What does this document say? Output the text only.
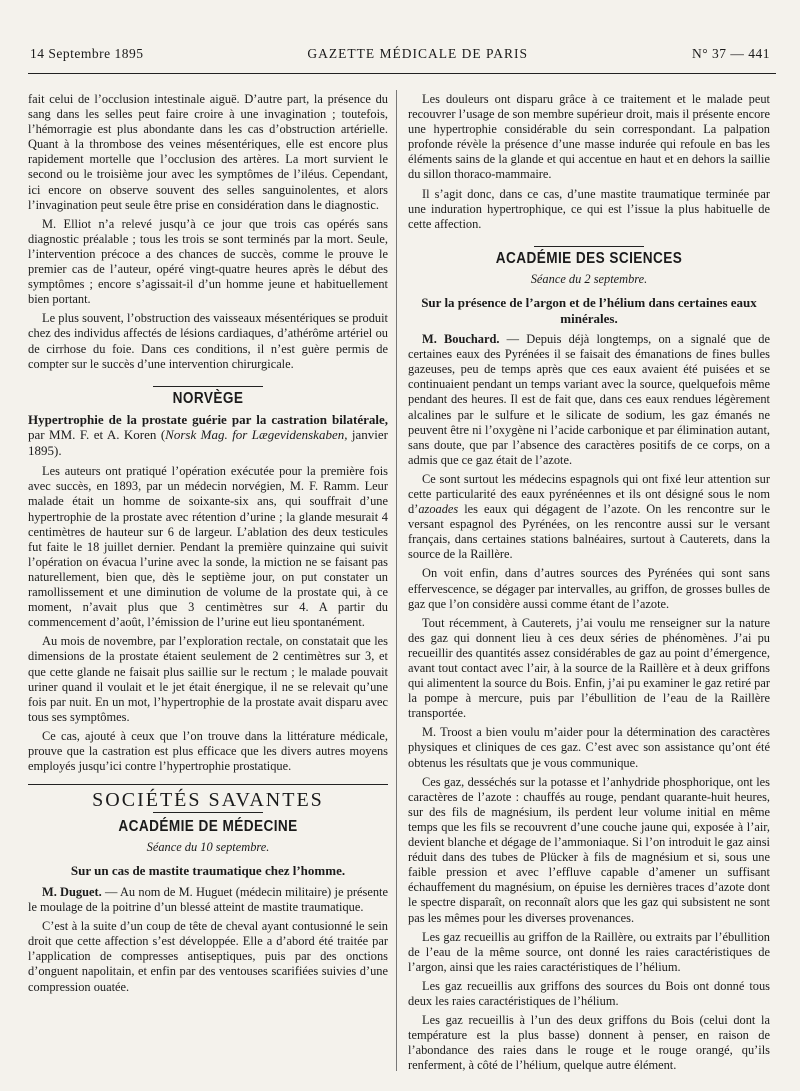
14 Septembre 1895	GAZETTE MÉDICALE DE PARIS	N° 37 — 441

fait celui de l’occlusion intestinale aiguë. D’autre part, la présence du sang dans les selles peut faire croire à une invagination ; toutefois, l’hémorragie est plus abondante dans les cas d’obstruction artérielle. Quant à la thrombose des veines mésentériques, elle est encore plus rapidement mortelle que l’occlusion des artères. La mort survient le second ou le troisième jour avec les symptômes de l’iléus. Cependant, ici encore on observe souvent des selles sanguinolentes, et alors l’invagination peut seule être prise en considération dans le diagnostic.

M. Elliot n’a relevé jusqu’à ce jour que trois cas opérés sans diagnostic préalable ; tous les trois se sont terminés par la mort. Seule, l’intervention précoce a des chances de succès, comme le prouve le premier cas de l’auteur, opéré vingt-quatre heures après le début des symptômes ; encore s’agissait-il d’un homme jeune et habituellement bien portant.

Le plus souvent, l’obstruction des vaisseaux mésentériques se produit chez des individus affectés de lésions cardiaques, d’athérôme artériel ou de cirrhose du foie. Dans ces conditions, il n’est guère permis de compter sur le succès d’une intervention chirurgicale.

NORVÈGE
Hypertrophie de la prostate guérie par la castration bilatérale, par MM. F. et A. Koren (Norsk Mag. for Lægevidenskaben, janvier 1895).

Les auteurs ont pratiqué l’opération exécutée pour la première fois avec succès, en 1893, par un médecin norvégien, M. F. Ramm. Leur malade était un homme de soixante-six ans, qui souffrait d’une hypertrophie de la prostate avec rétention d’urine ; la glande mesurait 4 centimètres de hauteur sur 6 de largeur. L’ablation des deux testicules fut faite le 18 juillet dernier. Pendant la première quinzaine qui suivit l’opération on évacua l’urine avec la sonde, la miction ne se faisant pas naturellement, bien que, dès le septième jour, on put constater un ramollissement et une diminution de volume de la prostate qui, à ce moment, n’avait plus que 3 centimètres sur 4. A partir du commencement d’août, l’émission de l’urine eut lieu spontanément.

Au mois de novembre, par l’exploration rectale, on constatait que les dimensions de la prostate étaient seulement de 2 centimètres sur 3, et que cette glande ne faisait plus saillie sur le rectum ; le malade pouvait uriner quand il voulait et le jet était énergique, il ne se relevait qu’une fois par nuit. En un mot, l’hypertrophie de la prostate avait disparu avec tous ses symptômes.

Ce cas, ajouté à ceux que l’on trouve dans la littérature médicale, prouve que la castration est plus efficace que les divers autres moyens employés jusqu’ici contre l’hypertrophie prostatique.

SOCIÉTÉS SAVANTES
ACADÉMIE DE MÉDECINE
Séance du 10 septembre.
Sur un cas de mastite traumatique chez l’homme.

M. Duguet. — Au nom de M. Huguet (médecin militaire) je présente le moulage de la poitrine d’un blessé atteint de mastite traumatique.

C’est à la suite d’un coup de tête de cheval ayant contusionné le sein droit que cette affection s’est développée. Elle a d’abord été traitée par l’application de compresses antiseptiques, puis par des onctions d’onguent napolitain, et enfin par des ventouses scarifiées suivies d’une compression ouatée.

Les douleurs ont disparu grâce à ce traitement et le malade peut recouvrer l’usage de son membre supérieur droit, mais il présente encore une hypertrophie considérable du sein correspondant. La palpation profonde révèle la présence d’une masse indurée qui refoule en bas les éléments sains de la glande et qui accentue en haut et en dehors la saillie du sillon thoraco-mammaire.

Il s’agit donc, dans ce cas, d’une mastite traumatique terminée par une induration hypertrophique, ce qui est l’issue la plus habituelle de cette affection.

ACADÉMIE DES SCIENCES
Séance du 2 septembre.
Sur la présence de l’argon et de l’hélium dans certaines eaux minérales.

M. Bouchard. — Depuis déjà longtemps, on a signalé que de certaines eaux des Pyrénées il se faisait des émanations de fines bulles gazeuses, peu de temps après que ces eaux avaient été puisées et se continuaient pendant un temps variant avec la source, quelquefois même pendant des heures. Il est de fait que, dans ces eaux rendues légèrement alcalines par le sulfure et le silicate de sodium, les gaz émanés ne peuvent être ni l’oxygène ni l’acide carbonique et par élimination autant, sans doute, que par l’absence des caractères positifs de ce corps, on a admis que ce gaz était de l’azote.

Ce sont surtout les médecins espagnols qui ont fixé leur attention sur cette particularité des eaux pyrénéennes et ils ont désigné sous le nom d’azoades les eaux qui dégagent de l’azote. On les rencontre sur le versant espagnol des Pyrénées, on les rencontre aussi sur le versant français, dans certaines stations balnéaires, surtout à Cauterets, dans la source de la Raillère.

On voit enfin, dans d’autres sources des Pyrénées qui sont sans effervescence, se dégager par intervalles, au griffon, de grosses bulles de gaz que l’on considère aussi comme étant de l’azote.

Tout récemment, à Cauterets, j’ai voulu me renseigner sur la nature des gaz qui donnent lieu à ces deux séries de phénomènes. J’ai pu recueillir des quantités assez considérables de gaz au point d’émergence, avant tout contact avec l’air, à la source de la Raillère et à deux griffons qui alimentent la source du Bois. Enfin, j’ai pu examiner le gaz retiré par la pompe à mercure, puis par l’ébullition de l’eau de la Raillère transportée.

M. Troost a bien voulu m’aider pour la détermination des caractères physiques et cliniques de ces gaz. C’est avec son assistance qu’ont été obtenus les résultats que je vous communique.

Ces gaz, desséchés sur la potasse et l’anhydride phosphorique, ont les caractères de l’azote : chauffés au rouge, pendant quarante-huit heures, sur des fils de magnésium, ils perdent leur volume initial en même temps que les fils se recouvrent d’une couche jaune qui, exposée à l’air, devient blanche et dégage de l’ammoniaque. Si l’on introduit le gaz ainsi réduit dans des tubes de Plücker à fils de magnésium et si, sous une faible pression et avec l’effluve capable d’amener un suffisant échauffement du magnésium, on épuise les dernières traces d’azote dont le spectre disparaît, on reconnaît alors que les gaz qui subsistent ne sont pas les mêmes pour les diverses provenances.

Les gaz recueillis au griffon de la Raillère, ou extraits par l’ébullition de l’eau de la même source, ont donné les raies caractéristiques de l’argon, ainsi que les raies caractéristiques de l’hélium.

Les gaz recueillis aux griffons des sources du Bois ont donné tous deux les raies caractéristiques de l’hélium.

Les gaz recueillis à l’un des deux griffons du Bois (celui dont la température est la plus basse) donnent à penser, en raison de l’abondance des raies dans le rouge et le rouge orangé, qu’ils renferment, à côté de l’hélium, quelque autre élément.
